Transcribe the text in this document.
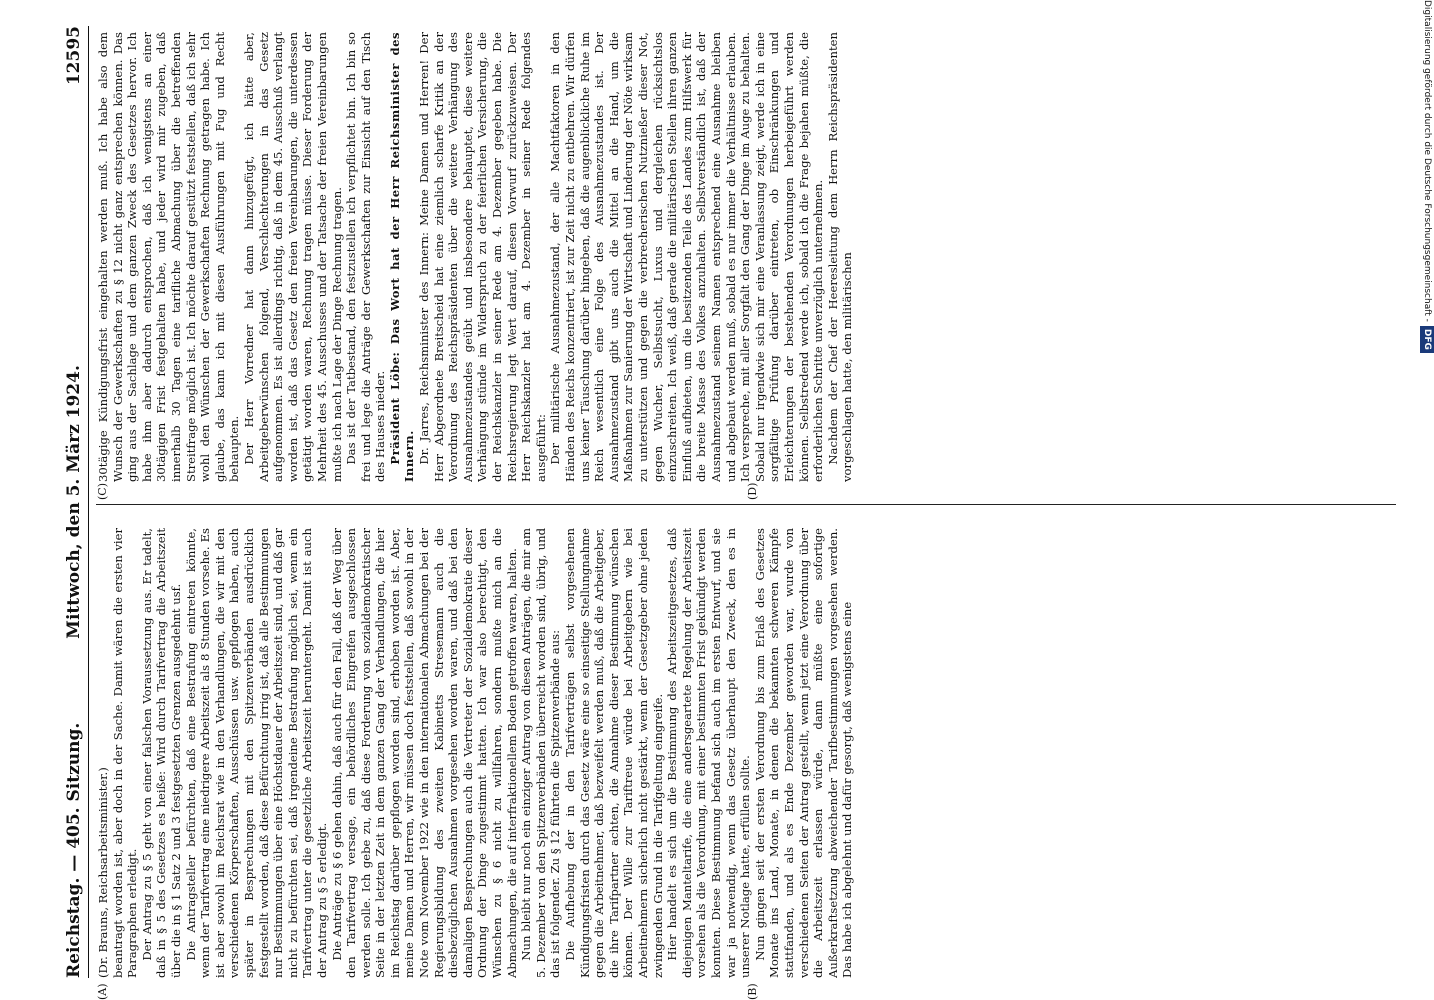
Reichstag. — 405. Sitzung.
Mittwoch, den 5. März 1924.
12595

(Dr. Brauns, Reichsarbeitsminister.) beantragt worden ist, aber doch in der Sache. Damit wären die ersten vier Paragraphen erledigt. Der Antrag zu § 5 geht von einer falschen Voraussetzung aus. Er tadelt, daß in § 5 des Gesetzes es heiße: Wird durch Tarifvertrag die Arbeitszeit über die in § 1 Satz 2 und 3 festgesetzten Grenzen ausgedehnt usf. Die Antragsteller befürchten, daß eine Bestrafung eintreten könnte, wenn der Tarifvertrag eine niedrigere Arbeitszeit als 8 Stunden vorsehe. Es ist aber sowohl im Reichsrat wie in den Verhandlungen, die wir mit den verschiedenen Körperschaften, Ausschüssen usw. gepflogen haben, auch später in Besprechungen mit den Spitzenverbänden ausdrücklich festgestellt worden, daß diese Befürchtung irrig ist, daß alle Bestimmungen nur Bestimmungen über eine Höchstdauer der Arbeitszeit sind, und daß gar nicht zu befürchten sei, daß irgendeine Bestrafung möglich sei, wenn ein Tarifvertrag unter die gesetzliche Arbeitszeit heruntergeht. Damit ist auch der Antrag zu § 5 erledigt. Die Anträge zu § 6 gehen dahin, daß auch für den Fall, daß der Weg über den Tarifvertrag versage, ein behördliches Eingreifen ausgeschlossen werden solle. Ich gebe zu, daß diese Forderung von sozialdemokratischer Seite in der letzten Zeit in dem ganzen Gang der Verhandlungen, die hier im Reichstag darüber gepflogen worden sind, erhoben worden ist. Aber, meine Damen und Herren, wir müssen doch feststellen, daß sowohl in der Note vom November 1922 wie in den internationalen Abmachungen bei der Regierungsbildung des zweiten Kabinetts Stresemann auch die diesbezüglichen Ausnahmen vorgesehen worden waren, und daß bei den damaligen Besprechungen auch die Vertreter der Sozialdemokratie dieser Ordnung der Dinge zugestimmt hatten. Ich war also berechtigt, den Wünschen zu § 6 nicht zu willfahren, sondern mußte mich an die Abmachungen, die auf interfraktionellem Boden getroffen waren, halten. Nun bleibt nur noch ein einziger Antrag von diesen Anträgen, die mir am 5. Dezember von den Spitzenverbänden überreicht worden sind, übrig, und das ist folgender. Zu § 12 führten die Spitzenverbände aus: Die Aufhebung der in den Tarifverträgen selbst vorgesehenen Kündigungsfristen durch das Gesetz wäre eine so einseitige Stellungnahme gegen die Arbeitnehmer, daß bezweifelt werden muß, daß die Arbeitgeber, die ihre Tarifpartner achten, die Annahme dieser Bestimmung wünschen können. Der Wille zur Tariftreue würde bei Arbeitgebern wie bei Arbeitnehmern sicherlich nicht gestärkt, wenn der Gesetzgeber ohne jeden zwingenden Grund in die Tarifgeltung eingreife. Hier handelt es sich um die Bestimmung des Arbeitszeitgesetzes, daß diejenigen Manteltarife, die eine andersgeartete Regelung der Arbeitszeit vorsehen als die Verordnung, mit einer bestimmten Frist gekündigt werden konnten. Diese Bestimmung befand sich auch im ersten Entwurf, und sie war ja notwendig, wenn das Gesetz überhaupt den Zweck, den es in unserer Notlage hatte, erfüllen sollte. Nun gingen seit der ersten Verordnung bis zum Erlaß des Gesetzes Monate ins Land, Monate, in denen die bekannten schweren Kämpfe stattfanden, und als es Ende Dezember geworden war, wurde von verschiedenen Seiten der Antrag gestellt, wenn jetzt eine Verordnung über die Arbeitszeit erlassen würde, dann müßte eine sofortige Außerkraftsetzung abweichender Tarifbestimmungen vorgesehen werden. Das habe ich abgelehnt und dafür gesorgt, daß wenigstens eine

30tägige Kündigungsfrist eingehalten werden muß. Ich habe also dem Wunsch der Gewerkschaften zu § 12 nicht ganz entsprechen können. Das ging aus der Sachlage und dem ganzen Zweck des Gesetzes hervor. Ich habe ihm aber dadurch entsprochen, daß ich wenigstens an einer 30tägigen Frist festgehalten habe, und jeder wird mir zugeben, daß innerhalb 30 Tagen eine tarifliche Abmachung über die betreffenden Streitfrage möglich ist. Ich möchte darauf gestützt feststellen, daß ich sehr wohl den Wünschen der Gewerkschaften Rechnung getragen habe. Ich glaube, das kann ich mit diesen Ausführungen mit Fug und Recht behaupten. Der Herr Vorredner hat dann hinzugefügt, ich hätte aber, Arbeitgeberwünschen folgend, Verschlechterungen in das Gesetz aufgenommen. Es ist allerdings richtig, daß in dem 45. Ausschuß verlangt worden ist, daß das Gesetz den freien Vereinbarungen, die unterdessen getätigt worden waren, Rechnung tragen müsse. Dieser Forderung der Mehrheit des 45. Ausschusses und der Tatsache der freien Vereinbarungen mußte ich nach Lage der Dinge Rechnung tragen. Das ist der Tatbestand, den festzustellen ich verpflichtet bin. Ich bin so frei und lege die Anträge der Gewerkschaften zur Einsicht auf den Tisch des Hauses nieder. Präsident Löbe: Das Wort hat der Herr Reichsminister des Innern. Dr. Jarres, Reichsminister des Innern: Meine Damen und Herren! Der Herr Abgeordnete Breitscheid hat eine ziemlich scharfe Kritik an der Verordnung des Reichspräsidenten über die weitere Verhängung des Ausnahmezustandes geübt und insbesondere behauptet, diese weitere Verhängung stünde im Widerspruch zu der feierlichen Versicherung, die der Reichskanzler in seiner Rede am 4. Dezember gegeben habe. Die Reichsregierung legt Wert darauf, diesen Vorwurf zurückzuweisen. Der Herr Reichskanzler hat am 4. Dezember in seiner Rede folgendes ausgeführt: Der militärische Ausnahmezustand, der alle Machtfaktoren in den Händen des Reichs konzentriert, ist zur Zeit nicht zu entbehren. Wir dürfen uns keiner Täuschung darüber hingeben, daß die augenblickliche Ruhe im Reich wesentlich eine Folge des Ausnahmezustandes ist. Der Ausnahmezustand gibt uns auch die Mittel an die Hand, um die Maßnahmen zur Sanierung der Wirtschaft und Linderung der Nöte wirksam zu unterstützen und gegen die verbrecherischen Nutznießer dieser Not, gegen Wucher, Selbstsucht, Luxus und dergleichen rücksichtslos einzuschreiten. Ich weiß, daß gerade die militärischen Stellen ihren ganzen Einfluß aufbieten, um die besitzenden Teile des Landes zum Hilfswerk für die breite Masse des Volkes anzuhalten. Selbstverständlich ist, daß der Ausnahmezustand seinem Namen entsprechend eine Ausnahme bleiben und abgebaut werden muß, sobald es nur immer die Verhältnisse erlauben. Ich verspreche, mit aller Sorgfalt den Gang der Dinge im Auge zu behalten. Sobald nur irgendwie sich mir eine Veranlassung zeigt, werde ich in eine sorgfältige Prüfung darüber eintreten, ob Einschränkungen und Erleichterungen der bestehenden Verordnungen herbeigeführt werden können. Selbstredend werde ich, sobald ich die Frage bejahen müßte, die erforderlichen Schritte unverzüglich unternehmen. Nachdem der Chef der Heeresleitung dem Herrn Reichspräsidenten vorgeschlagen hatte, den militärischen

(A)	(B)
(C)	(D)
Digitalisierung gefördert durch die Deutsche Forschungsgemeinschaft -DFG
